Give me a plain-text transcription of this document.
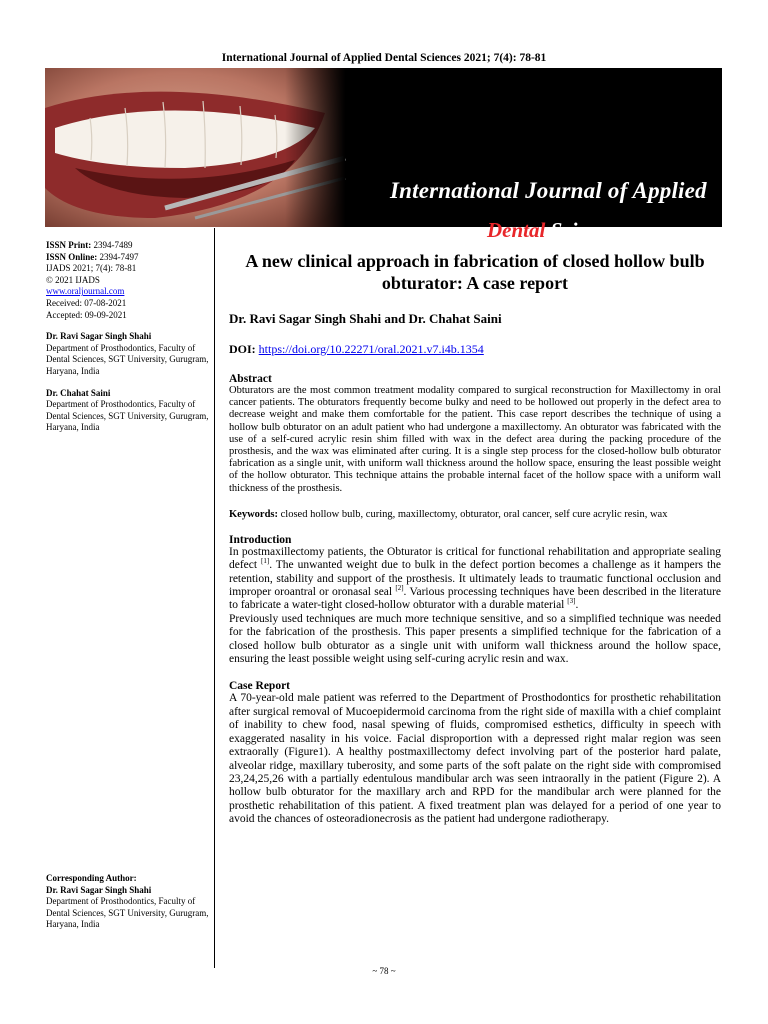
International Journal of Applied Dental Sciences 2021; 7(4): 78-81
International Journal of Applied
Dental Sciences
ISSN Print: 2394-7489
ISSN Online: 2394-7497
IJADS 2021; 7(4): 78-81
© 2021 IJADS
www.oraljournal.com
Received: 07-08-2021
Accepted: 09-09-2021
Dr. Ravi Sagar Singh Shahi
Department of Prosthodontics, Faculty of Dental Sciences, SGT University, Gurugram, Haryana, India
Dr. Chahat Saini
Department of Prosthodontics, Faculty of Dental Sciences, SGT University, Gurugram, Haryana, India
Corresponding Author:
Dr. Ravi Sagar Singh Shahi
Department of Prosthodontics, Faculty of Dental Sciences, SGT University, Gurugram, Haryana, India
A new clinical approach in fabrication of closed hollow bulb obturator: A case report
Dr. Ravi Sagar Singh Shahi and Dr. Chahat Saini
DOI: https://doi.org/10.22271/oral.2021.v7.i4b.1354
Abstract

Obturators are the most common treatment modality compared to surgical reconstruction for Maxillectomy in oral cancer patients. The obturators frequently become bulky and need to be hollowed out properly in the defect area to decrease weight and make them comfortable for the patient. This case report describes the technique of using a hollow bulb obturator on an adult patient who had undergone a maxillectomy. An obturator was fabricated with the use of a self-cured acrylic resin shim filled with wax in the defect area during the packing procedure of the prosthesis, and the wax was eliminated after curing. It is a single step process for the closed-hollow bulb obturator fabrication as a single unit, with uniform wall thickness around the hollow space, ensuring the least possible weight of the hollow obturator. This technique attains the probable internal facet of the hollow space with a uniform wall thickness of the prosthesis.

Keywords: closed hollow bulb, curing, maxillectomy, obturator, oral cancer, self cure acrylic resin, wax

Introduction

In postmaxillectomy patients, the Obturator is critical for functional rehabilitation and appropriate sealing defect [1]. The unwanted weight due to bulk in the defect portion becomes a challenge as it hampers the retention, stability and support of the prosthesis. It ultimately leads to traumatic functional occlusion and improper oroantral or oronasal seal [2]. Various processing techniques have been described in the literature to fabricate a water-tight closed-hollow obturator with a durable material [3].

Previously used techniques are much more technique sensitive, and so a simplified technique was needed for the fabrication of the prosthesis. This paper presents a simplified technique for the fabrication of a closed hollow bulb obturator as a single unit with uniform wall thickness around the hollow space, ensuring the least possible weight using self-curing acrylic resin and wax.

Case Report

A 70-year-old male patient was referred to the Department of Prosthodontics for prosthetic rehabilitation after surgical removal of Mucoepidermoid carcinoma from the right side of maxilla with a chief complaint of inability to chew food, nasal spewing of fluids, compromised esthetics, difficulty in speech with exaggerated nasality in his voice. Facial disproportion with a depressed right malar region was seen extraorally (Figure1). A healthy postmaxillectomy defect involving part of the posterior hard palate, alveolar ridge, maxillary tuberosity, and some parts of the soft palate on the right side with compromised 23,24,25,26 with a partially edentulous mandibular arch was seen intraorally in the patient (Figure 2). A hollow bulb obturator for the maxillary arch and RPD for the mandibular arch were planned for the prosthetic rehabilitation of this patient. A fixed treatment plan was delayed for a period of one year to avoid the chances of osteoradionecrosis as the patient had undergone radiotherapy.

~ 78 ~
